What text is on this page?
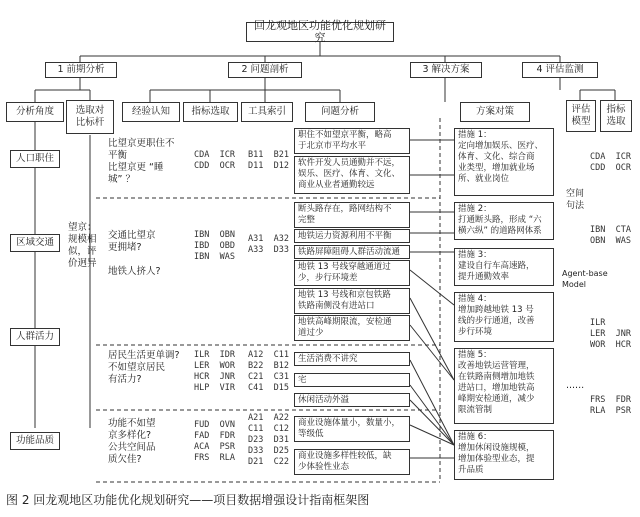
回龙观地区功能优化规划研究
1 前期分析	2 问题剖析	3 解决方案	4 评估监测
分析角度	选取对
比标杆
经验认知	指标选取	工具索引	问题分析	方案对策	评估
模型
指标
选取
人口职住
区域交通
人群活力
功能品质
望京：
规模相
似，评
价迥异
比望京更职住不
平衡
比望京更 “睡
城” ？
交通比望京
更拥堵?

地铁人挤人?
居民生活更单调?
不如望京居民
有活力?
功能不如望
京多样化?
公共空间品
质欠佳?
CDA  ICR
CDD  OCR
IBN  OBN
IBD  OBD
IBN  WAS
ILR  IDR
LER  WOR
HCR  JNR
HLP  VIR
FUD  OVN
FAD  FDR
ACA  PSR
FRS  RLA
B11  B21
D11  D12
A31  A32
A33  D33
A12  C11
B22  B12
C21  C31
C41  D15
A21  A22
C11  C12
D23  D31
D33  D25
D21  C22
职住不如望京平衡，略高
于北京市平均水平
软件开发人员通勤并不远，
娱乐、医疗、体育、文化、
商业从业者通勤较远
断头路存在，路网结构不
完整
地铁运力资源利用不平衡
铁路屏障阻碍人群活动流通
地铁 13 号线穿越通道过
少，步行环境差
地铁 13 号线和京包铁路
铁路南侧没有进站口
地铁高峰期限流，安检通
道过少
生活消费不讲究
宅
休闲活动外溢
商业设施体量小，数量小，
等级低
商业设施多样性较低，缺
少体验性业态
措施 1：
定向增加娱乐、医疗、
体育、文化、综合商
业类型，增加就业场
所、就业岗位
措施 2：
打通断头路，形成 “六
横六纵” 的道路网体系
措施 3：
建设自行车高速路，
提升通勤效率
措施 4：
增加跨越地铁 13 号
线的步行通道，改善
步行环境
措施 5：
改善地铁运营管理，
在铁路南侧增加地铁
进站口，增加地铁高
峰期安检通道，减少
限流管制
措施 6：
增加休闲设施规模，
增加体验型业态，提
升品质
空间
句法
Agent-base
Model
......
CDA  ICR
CDD  OCR
IBN  CTA
OBN  WAS
ILR
LER  JNR
WOR  HCR
FRS  FDR
RLA  PSR
图 2 回龙观地区功能优化规划研究——项目数据增强设计指南框架图
